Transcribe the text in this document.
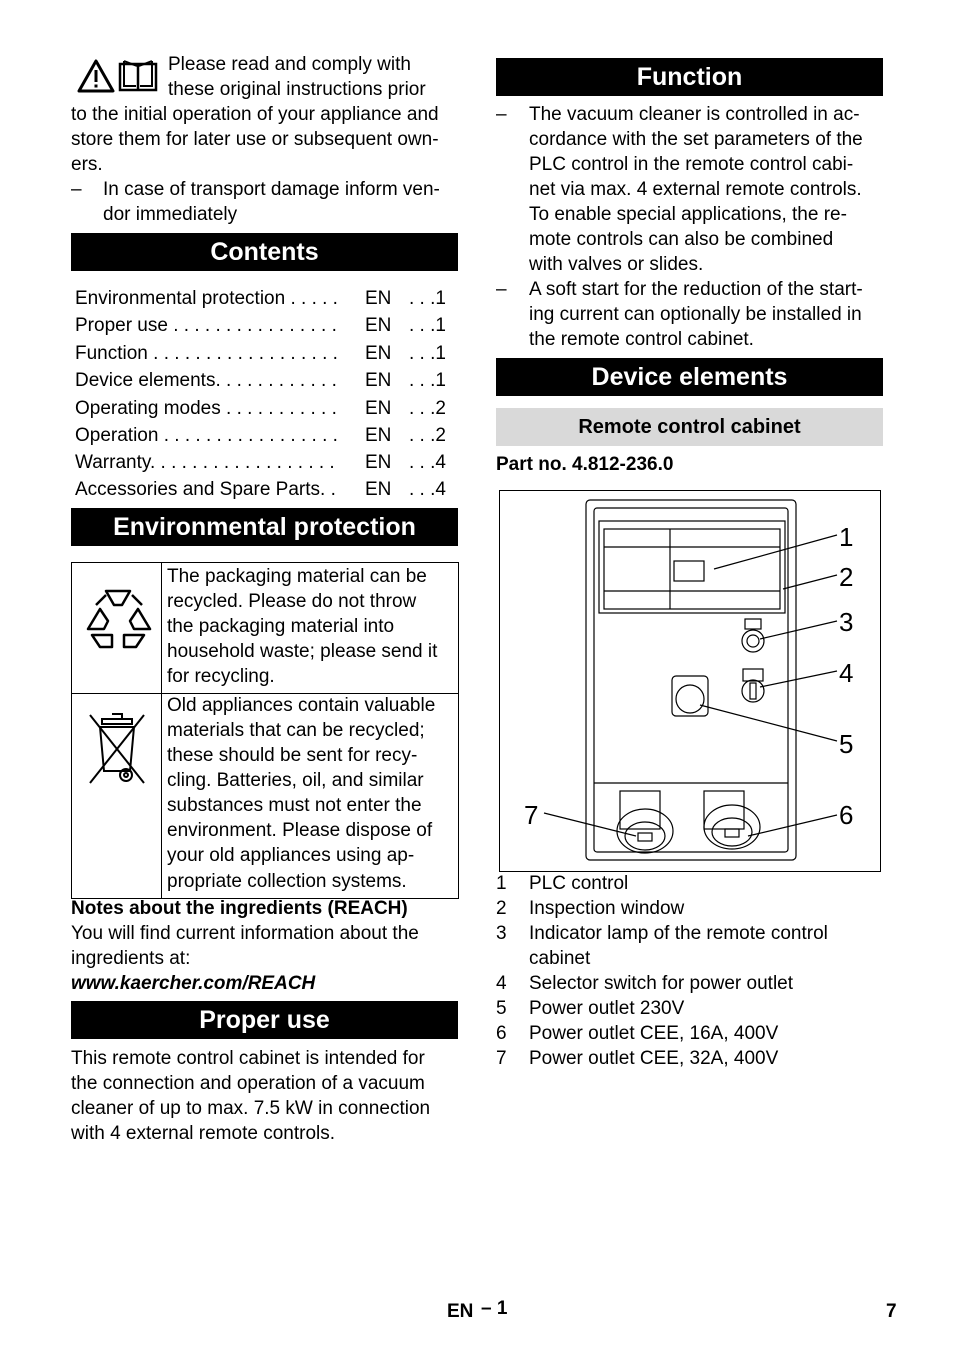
Please read and comply with
these original instructions prior
to the initial operation of your appliance and
store them for later use or subsequent own-
ers.
– In case of transport damage inform ven-
dor immediately
Contents
Environmental protection . . . . .	EN . . .1
Proper use . . . . . . . . . . . . . . . .	EN . . .1
Function . . . . . . . . . . . . . . . . . .	EN . . .1
Device elements. . . . . . . . . . . .	EN . . .1
Operating modes . . . . . . . . . . .	EN . . .2
Operation . . . . . . . . . . . . . . . . .	EN . . .2
Warranty. . . . . . . . . . . . . . . . . .	EN . . .4
Accessories and Spare Parts. .	EN . . .4
Environmental protection
The packaging material can be
recycled. Please do not throw
the packaging material into
household waste; please send it
for recycling.
Old appliances contain valuable
materials that can be recycled;
these should be sent for recy-
cling. Batteries, oil, and similar
substances must not enter the
environment. Please dispose of
your old appliances using ap-
propriate collection systems.
Notes about the ingredients (REACH)
You will find current information about the
ingredients at:
www.kaercher.com/REACH
Proper use
This remote control cabinet is intended for
the connection and operation of a vacuum
cleaner of up to max. 7.5 kW in connection
with 4 external remote controls.
Function
– The vacuum cleaner is controlled in ac-
cordance with the set parameters of the
PLC control in the remote control cabi-
net via max. 4 external remote controls.
To enable special applications, the re-
mote controls can also be combined
with valves or slides.
– A soft start for the reduction of the start-
ing current can optionally be installed in
the remote control cabinet.
Device elements
Remote control cabinet
Part no. 4.812-236.0
1
2
3
4
5
6
7
1 PLC control
2 Inspection window
3 Indicator lamp of the remote control
cabinet
4 Selector switch for power outlet
5 Power outlet 230V
6 Power outlet CEE, 16A, 400V
7 Power outlet CEE, 32A, 400V
EN – 1	7
